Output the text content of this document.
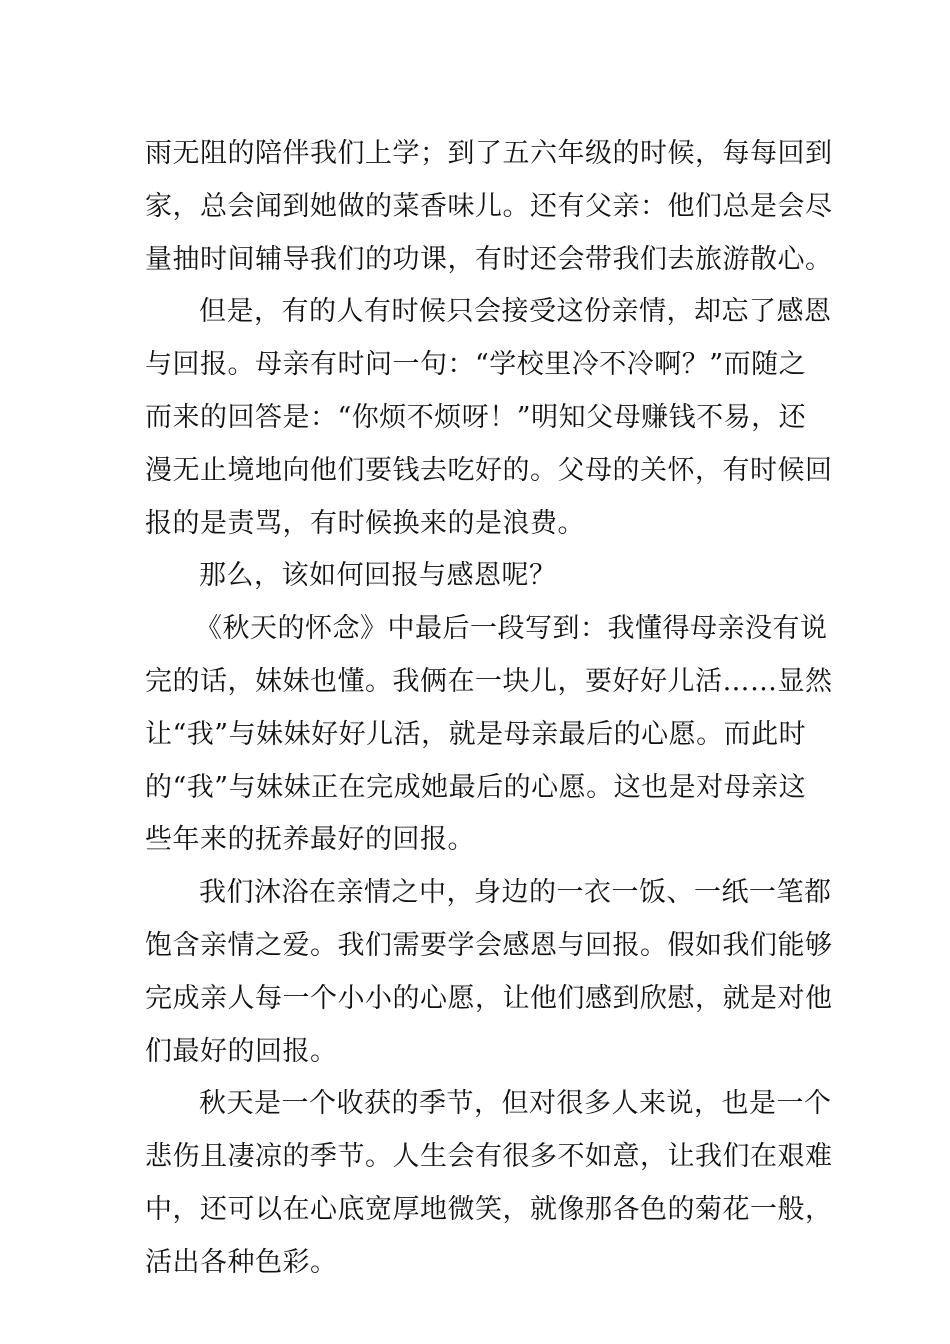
雨无阻的陪伴我们上学；到了五六年级的时候，每每回到
家，总会闻到她做的菜香味儿。还有父亲：他们总是会尽
量抽时间辅导我们的功课，有时还会带我们去旅游散心。

但是，有的人有时候只会接受这份亲情，却忘了感恩
与回报。母亲有时问一句：“学校里冷不冷啊？”而随之
而来的回答是：“你烦不烦呀！”明知父母赚钱不易，还
漫无止境地向他们要钱去吃好的。父母的关怀，有时候回
报的是责骂，有时候换来的是浪费。

那么，该如何回报与感恩呢？

《秋天的怀念》中最后一段写到：我懂得母亲没有说
完的话，妹妹也懂。我俩在一块儿，要好好儿活……显然
让“我”与妹妹好好儿活，就是母亲最后的心愿。而此时
的“我”与妹妹正在完成她最后的心愿。这也是对母亲这
些年来的抚养最好的回报。

我们沐浴在亲情之中，身边的一衣一饭、一纸一笔都
饱含亲情之爱。我们需要学会感恩与回报。假如我们能够
完成亲人每一个小小的心愿，让他们感到欣慰，就是对他
们最好的回报。

秋天是一个收获的季节，但对很多人来说，也是一个
悲伤且凄凉的季节。人生会有很多不如意，让我们在艰难
中，还可以在心底宽厚地微笑，就像那各色的菊花一般，
活出各种色彩。
